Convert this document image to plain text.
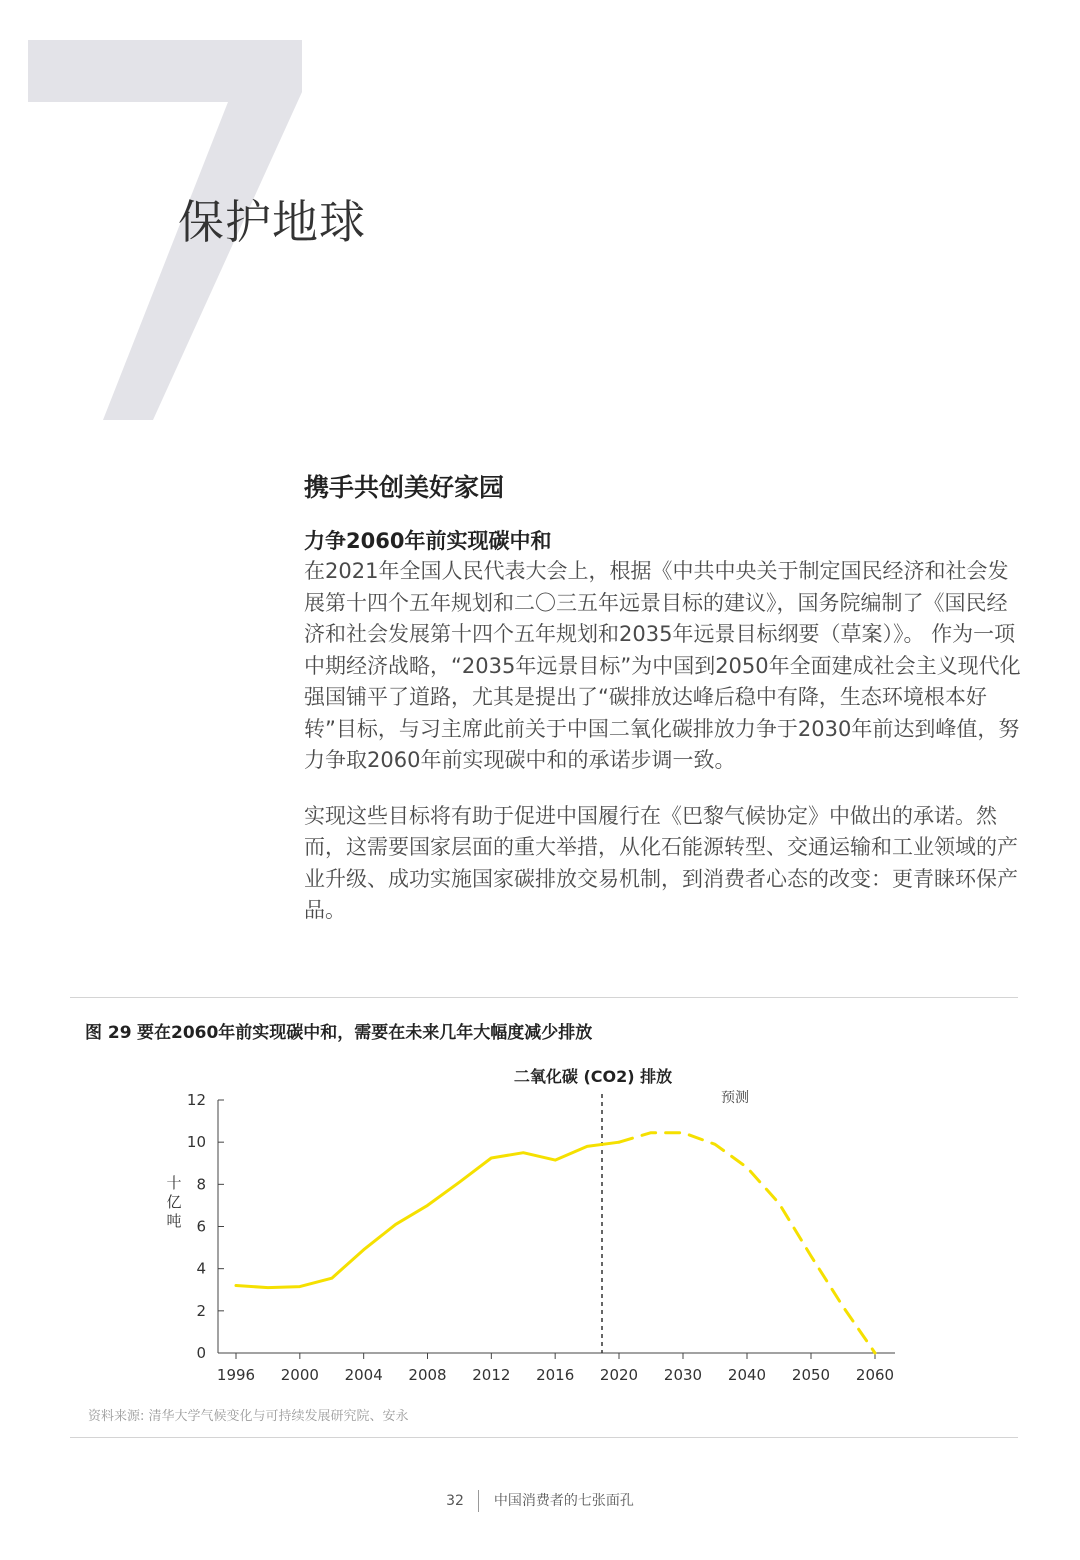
保护地球
携手共创美好家园
力争2060年前实现碳中和

在2021年全国人民代表大会上，根据《中共中央关于制定国民经济和社会发展第十四个五年规划和二〇三五年远景目标的建议》，国务院编制了《国民经济和社会发展第十四个五年规划和2035年远景目标纲要（草案）》。 作为一项中期经济战略，“2035年远景目标”为中国到2050年全面建成社会主义现代化强国铺平了道路，尤其是提出了“碳排放达峰后稳中有降，生态环境根本好转”目标，与习主席此前关于中国二氧化碳排放力争于2030年前达到峰值，努力争取2060年前实现碳中和的承诺步调一致。

实现这些目标将有助于促进中国履行在《巴黎气候协定》中做出的承诺。然而，这需要国家层面的重大举措，从化石能源转型、交通运输和工业领域的产业升级、成功实施国家碳排放交易机制，到消费者心态的改变：更青睐环保产品。

图 29 要在2060年前实现碳中和，需要在未来几年大幅度减少排放
二氧化碳 (CO2) 排放
十
亿
吨
0
2
4
6
8
10
12
1996 2000 2004 2008 2012 2016 2020 2030 2040 2050 2060
预测
资料来源: 清华大学气候变化与可持续发展研究院、安永
32 中国消费者的七张面孔
